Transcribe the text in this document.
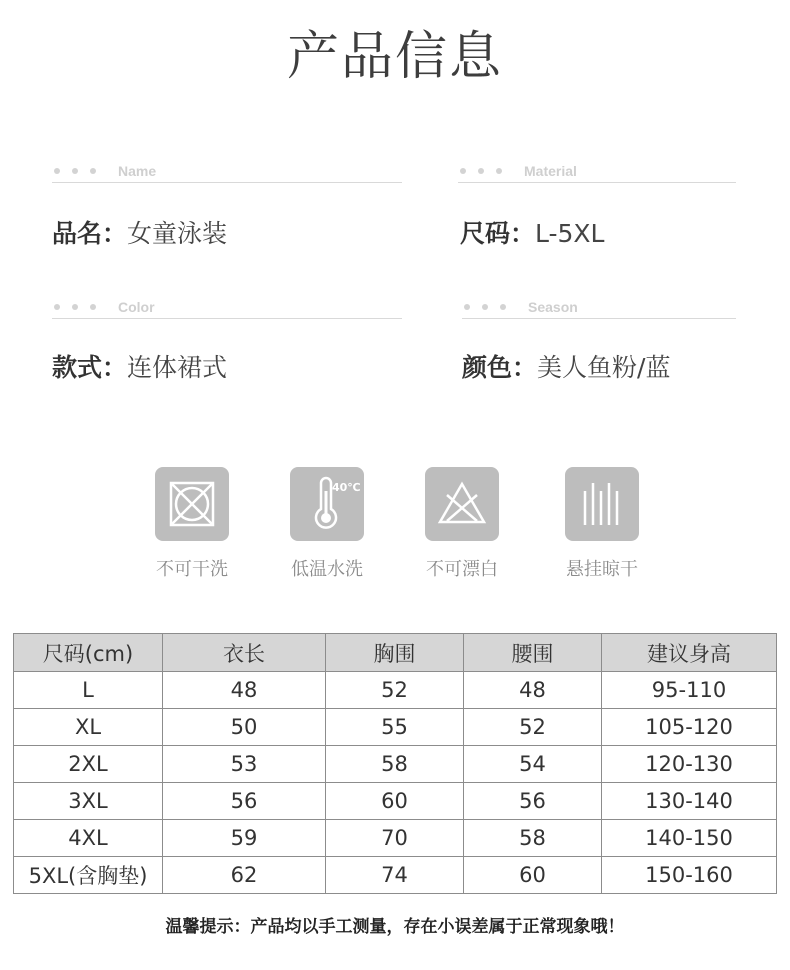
产品信息
Name	Material
品名：女童泳装	尺码：L-5XL
Color	Season
款式：连体裙式	颜色：美人鱼粉/蓝
不可干洗
40℃
低温水洗	不可漂白	悬挂晾干
尺码(cm)	衣长	胸围	腰围	建议身高
L	48	52	48	95-110
XL	50	55	52	105-120
2XL	53	58	54	120-130
3XL	56	60	56	130-140
4XL	59	70	58	140-150
5XL(含胸垫)	62	74	60	150-160
温馨提示：产品均以手工测量，存在小误差属于正常现象哦！
